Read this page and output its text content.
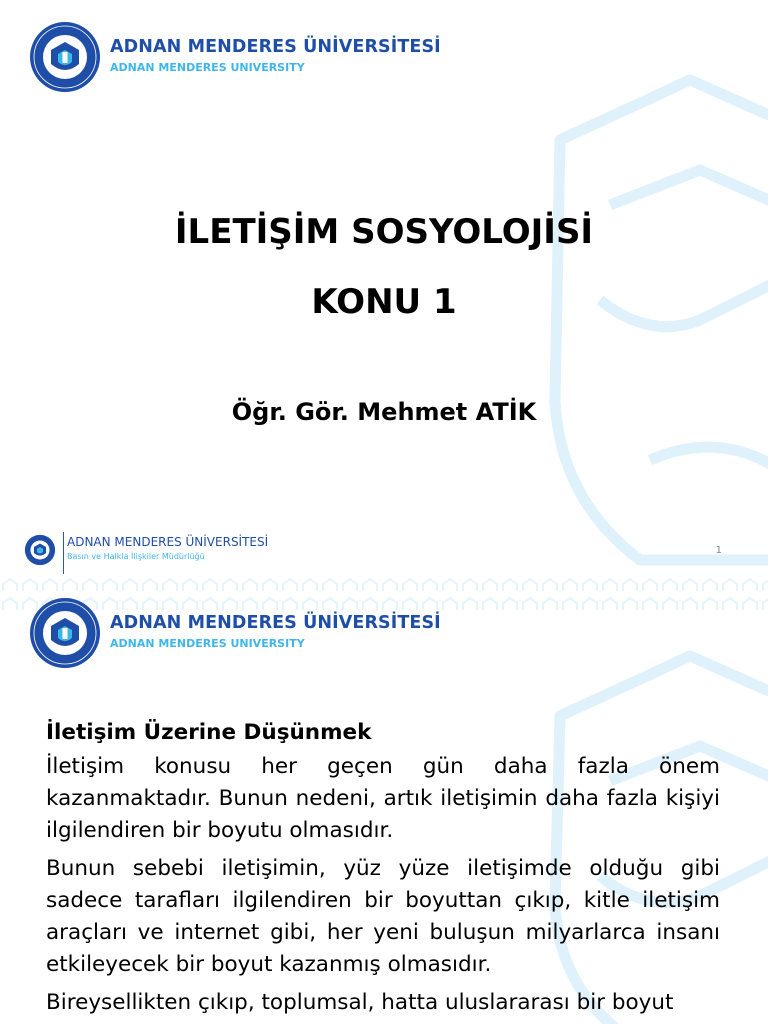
ADNAN MENDERES ÜNİVERSİTESİ
ADNAN MENDERES UNIVERSITY
İLETİŞİM SOSYOLOJİSİ
KONU 1
Öğr. Gör. Mehmet ATİK
ADNAN MENDERES ÜNİVERSİTESİ
Basın ve Halkla İlişkiler Müdürlüğü
1
ADNAN MENDERES ÜNİVERSİTESİ
ADNAN MENDERES UNIVERSITY

İletişim Üzerine Düşünmek

İletişim konusu her geçen gün daha fazla önem kazanmaktadır. Bunun nedeni, artık iletişimin daha fazla kişiyi ilgilendiren bir boyutu olmasıdır.

Bunun sebebi iletişimin, yüz yüze iletişimde olduğu gibi sadece tarafları ilgilendiren bir boyuttan çıkıp, kitle iletişim araçları ve internet gibi, her yeni buluşun milyarlarca insanı etkileyecek bir boyut kazanmış olmasıdır.

Bireysellikten çıkıp, toplumsal, hatta uluslararası bir boyut
